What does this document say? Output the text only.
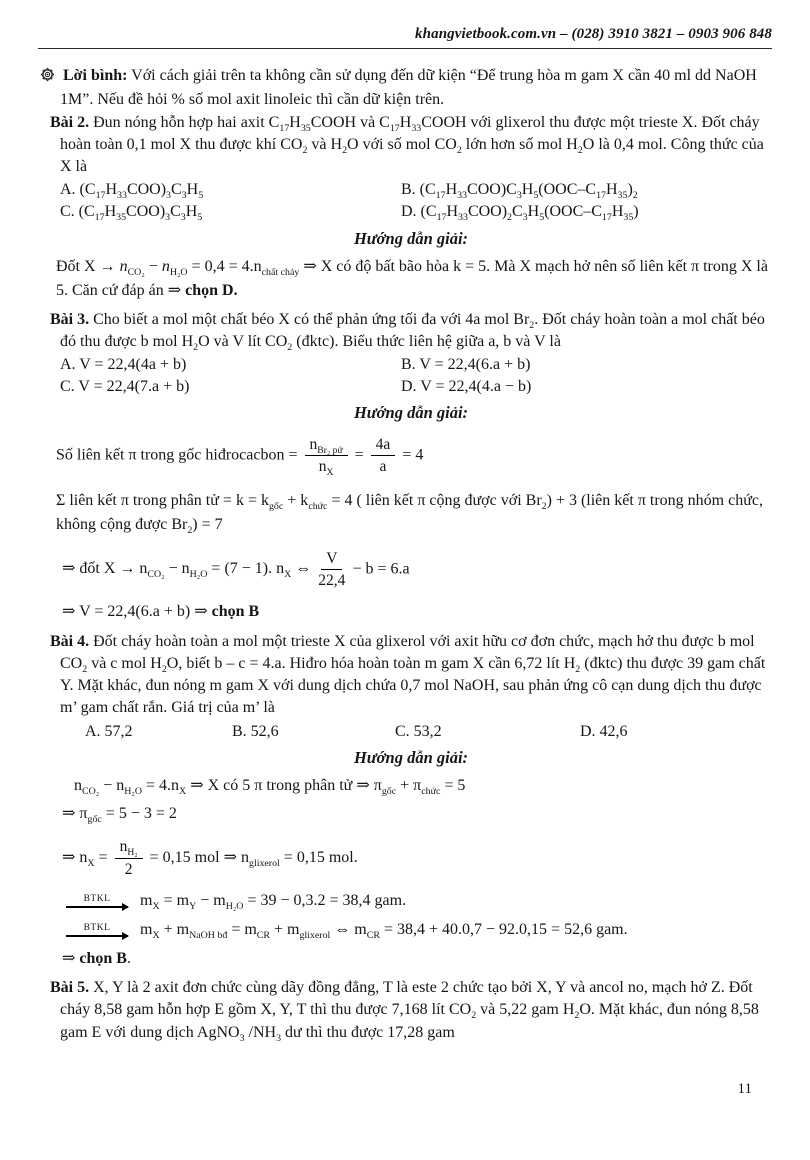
khangvietbook.com.vn – (028) 3910 3821 – 0903 906 848
Lời bình: Với cách giải trên ta không cần sử dụng đến dữ kiện “Để trung hòa m gam X cần 40 ml dd NaOH 1M”. Nếu đề hỏi % số mol axit linoleic thì cần dữ kiện trên.
Bài 2. Đun nóng hỗn hợp hai axit $C_{17}H_{35}COOH$ và $C_{17}H_{33}COOH$ với glixerol thu được một trieste X. Đốt cháy hoàn toàn 0,1 mol X thu được khí $CO_2$ và $H_2O$ với số mol $CO_2$ lớn hơn số mol $H_2O$ là 0,4 mol. Công thức của X là
A. $(C_{17}H_{33}COO)_3C_3H_5$	B. $(C_{17}H_{33}COO)C_3H_5(OOC-C_{17}H_{35})_2$
C. $(C_{17}H_{35}COO)_3C_3H_5$	D. $(C_{17}H_{33}COO)_2C_3H_5(OOC-C_{17}H_{35})$
Hướng dẫn giải:
Đốt $X \to n_{CO_2} - n_{H_2O} = 0,4 = 4.n_{chất cháy}$ ⇒ X có độ bất bão hòa k = 5. Mà X mạch hở nên số liên kết π trong X là 5. Căn cứ đáp án ⇒ chọn D.
Bài 3. Cho biết a mol một chất béo X có thể phản ứng tối đa với 4a mol $Br_2$. Đốt cháy hoàn toàn a mol chất béo đó thu được b mol $H_2O$ và V lít $CO_2$ (đktc). Biểu thức liên hệ giữa a, b và V là
A. V = 22,4(4a + b)	B. V = 22,4(6.a + b)
C. V = 22,4(7.a + b)	D. V = 22,4(4.a − b)
Hướng dẫn giải:
Số liên kết π trong gốc hiđrocacbon = $\frac{n_{Br_2 pứ}}{n_X} = \frac{4a}{a} = 4$
Σ liên kết π trong phân tử = $k = k_{gốc} + k_{chức} = 4$ ( liên kết π cộng được với $Br_2) + 3$ (liên kết π trong nhóm chức, không cộng được $Br_2) = 7$
⇒ đốt $X \to n_{CO_2} - n_{H_2O} = (7 - 1)$. $n_X$ ⇔ $\frac{V}{22,4} - b = 6.a$
⇒ V = 22,4(6.a + b) ⇒ chọn B
Bài 4. Đốt cháy hoàn toàn a mol một trieste X của glixerol với axit hữu cơ đơn chức, mạch hở thu được b mol $CO_2$ và c mol $H_2O$, biết b – c = 4.a. Hiđro hóa hoàn toàn m gam X cần 6,72 lít $H_2$ (đktc) thu được 39 gam chất Y. Mặt khác, đun nóng m gam X với dung dịch chứa 0,7 mol NaOH, sau phản ứng cô cạn dung dịch thu được m’ gam chất rắn. Giá trị của m’ là
A. 57,2	B. 52,6	C. 53,2	D. 42,6
Hướng dẫn giải:
$n_{CO_2} - n_{H_2O} = 4.n_X$ ⇒ X có 5 π trong phân tử ⇒ $\pi_{gốc} + \pi_{chức} = 5$
⇒ $\pi_{gốc} = 5 - 3 = 2$
⇒ $n_X = \frac{n_{H_2}}{2} = 0,15$ mol ⇒ $n_{glixerol} = 0,15$ mol.
BTKL $m_X = m_Y - m_{H_2O} = 39 - 0,3.2 = 38,4$ gam.
BTKL $m_X + m_{NaOH bđ} = m_{CR} + m_{glixerol}$ ⇔ $m_{CR} = 38,4 + 40.0,7 - 92.0,15 = 52,6$ gam.
⇒ chọn B.
Bài 5. X, Y là 2 axit đơn chức cùng dãy đồng đẳng, T là este 2 chức tạo bởi X, Y và ancol no, mạch hở Z. Đốt cháy 8,58 gam hỗn hợp E gồm X, Y, T thì thu được 7,168 lít $CO_2$ và 5,22 gam $H_2O$. Mặt khác, đun nóng 8,58 gam E với dung dịch AgNO$_3$ $/NH_3$ dư thì thu được 17,28 gam
11
